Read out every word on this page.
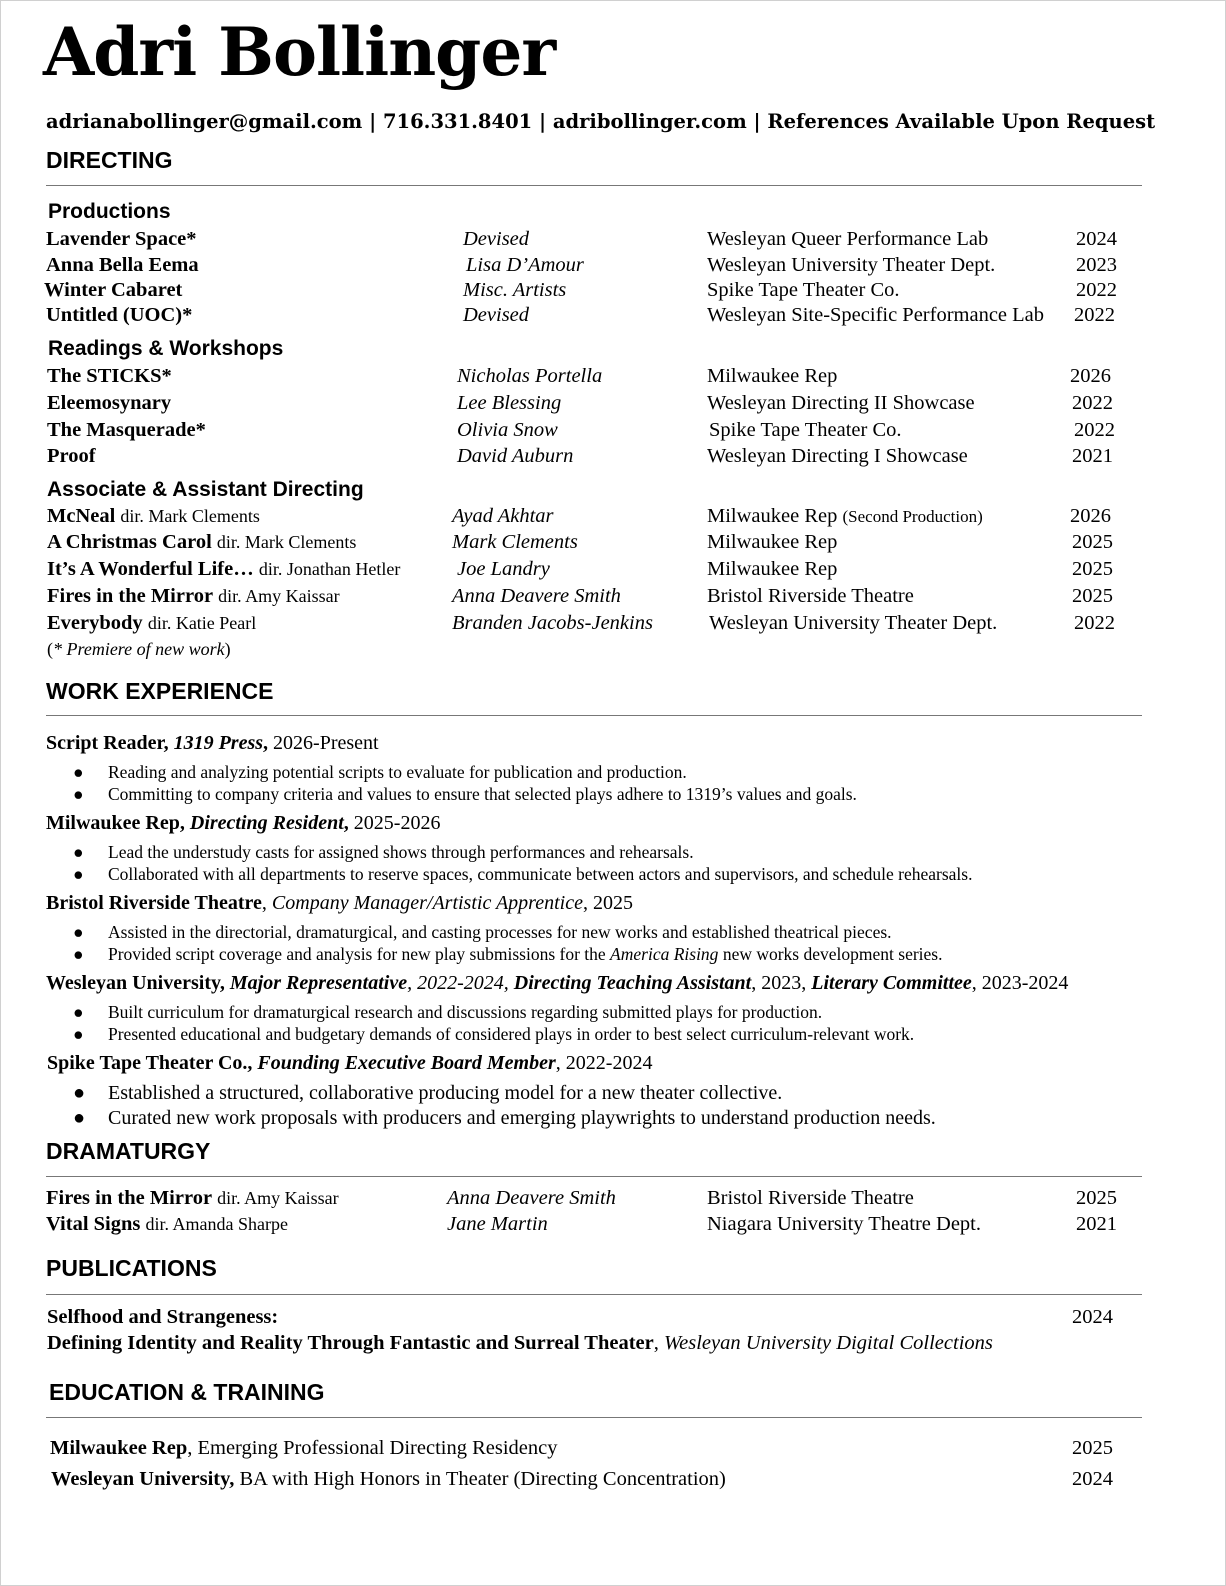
Adri Bollinger
adrianabollinger@gmail.com | 716.331.8401 | adribollinger.com | References Available Upon Request
DIRECTING
Productions
Lavender Space*	Devised	Wesleyan Queer Performance Lab	2024
Anna Bella Eema	Lisa D’Amour	Wesleyan University Theater Dept.	2023
Winter Cabaret	Misc. Artists	Spike Tape Theater Co.	2022
Untitled (UOC)*	Devised	Wesleyan Site-Specific Performance Lab 2022
Readings & Workshops
The STICKS*	Nicholas Portella	Milwaukee Rep	2026
Eleemosynary	Lee Blessing	Wesleyan Directing II Showcase	2022
The Masquerade*	Olivia Snow	Spike Tape Theater Co.	2022
Proof	David Auburn	Wesleyan Directing I Showcase	2021
Associate & Assistant Directing
McNeal dir. Mark Clements	Ayad Akhtar	Milwaukee Rep (Second Production)	2026
A Christmas Carol dir. Mark Clements	Mark Clements	Milwaukee Rep	2025
It’s A Wonderful Life… dir. Jonathan Hetler	Joe Landry	Milwaukee Rep	2025
Fires in the Mirror dir. Amy Kaissar	Anna Deavere Smith	Bristol Riverside Theatre	2025
Everybody dir. Katie Pearl	Branden Jacobs-Jenkins	Wesleyan University Theater Dept.	2022
(* Premiere of new work)
WORK EXPERIENCE
Script Reader, 1319 Press, 2026-Present
● Reading and analyzing potential scripts to evaluate for publication and production.
● Committing to company criteria and values to ensure that selected plays adhere to 1319’s values and goals.
Milwaukee Rep, Directing Resident, 2025-2026
● Lead the understudy casts for assigned shows through performances and rehearsals.
● Collaborated with all departments to reserve spaces, communicate between actors and supervisors, and schedule rehearsals.
Bristol Riverside Theatre, Company Manager/Artistic Apprentice, 2025
● Assisted in the directorial, dramaturgical, and casting processes for new works and established theatrical pieces.
● Provided script coverage and analysis for new play submissions for the America Rising new works development series.
Wesleyan University, Major Representative, 2022-2024, Directing Teaching Assistant, 2023, Literary Committee, 2023-2024
● Built curriculum for dramaturgical research and discussions regarding submitted plays for production.
● Presented educational and budgetary demands of considered plays in order to best select curriculum-relevant work.
Spike Tape Theater Co., Founding Executive Board Member, 2022-2024
● Established a structured, collaborative producing model for a new theater collective.
● Curated new work proposals with producers and emerging playwrights to understand production needs.
DRAMATURGY
Fires in the Mirror dir. Amy Kaissar	Anna Deavere Smith	Bristol Riverside Theatre	2025
Vital Signs dir. Amanda Sharpe	Jane Martin	Niagara University Theatre Dept.	2021
PUBLICATIONS
Selfhood and Strangeness:	2024
Defining Identity and Reality Through Fantastic and Surreal Theater, Wesleyan University Digital Collections
EDUCATION & TRAINING
Milwaukee Rep, Emerging Professional Directing Residency	2025
Wesleyan University, BA with High Honors in Theater (Directing Concentration)	2024
